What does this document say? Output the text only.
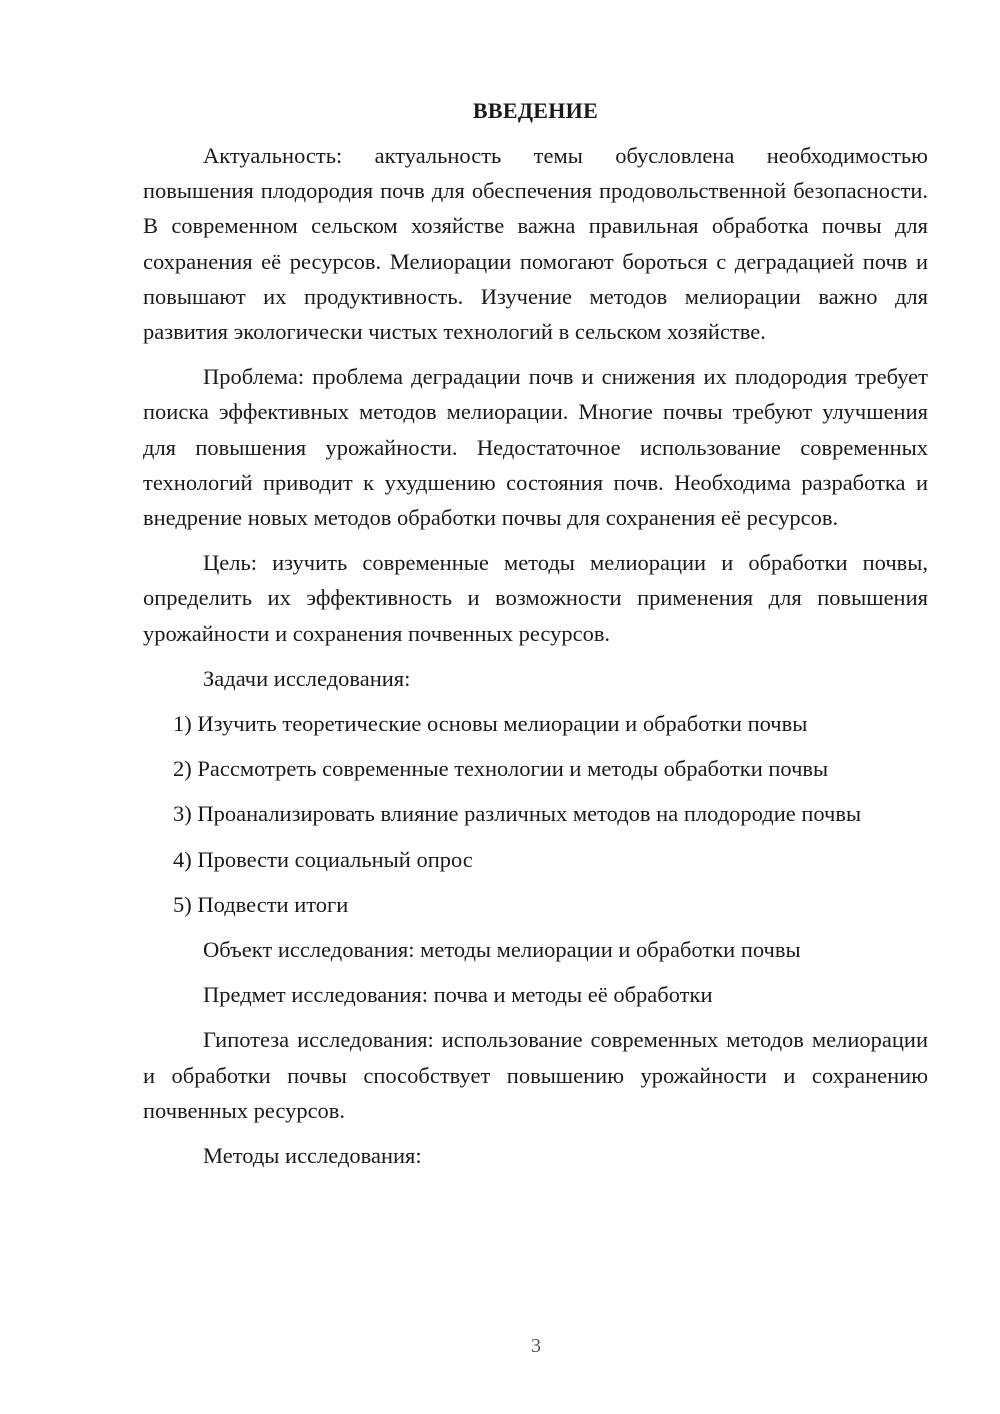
ВВЕДЕНИЕ

Актуальность: актуальность темы обусловлена необходимостью повышения плодородия почв для обеспечения продовольственной безопасности. В современном сельском хозяйстве важна правильная обработка почвы для сохранения её ресурсов. Мелиорации помогают бороться с деградацией почв и повышают их продуктивность. Изучение методов мелиорации важно для развития экологически чистых технологий в сельском хозяйстве.

Проблема: проблема деградации почв и снижения их плодородия требует поиска эффективных методов мелиорации. Многие почвы требуют улучшения для повышения урожайности. Недостаточное использование современных технологий приводит к ухудшению состояния почв. Необходима разработка и внедрение новых методов обработки почвы для сохранения её ресурсов.

Цель: изучить современные методы мелиорации и обработки почвы, определить их эффективность и возможности применения для повышения урожайности и сохранения почвенных ресурсов.

Задачи исследования:

1) Изучить теоретические основы мелиорации и обработки почвы

2) Рассмотреть современные технологии и методы обработки почвы

3) Проанализировать влияние различных методов на плодородие почвы

4) Провести социальный опрос

5) Подвести итоги

Объект исследования: методы мелиорации и обработки почвы

Предмет исследования: почва и методы её обработки

Гипотеза исследования: использование современных методов мелиорации и обработки почвы способствует повышению урожайности и сохранению почвенных ресурсов.

Методы исследования:

3
